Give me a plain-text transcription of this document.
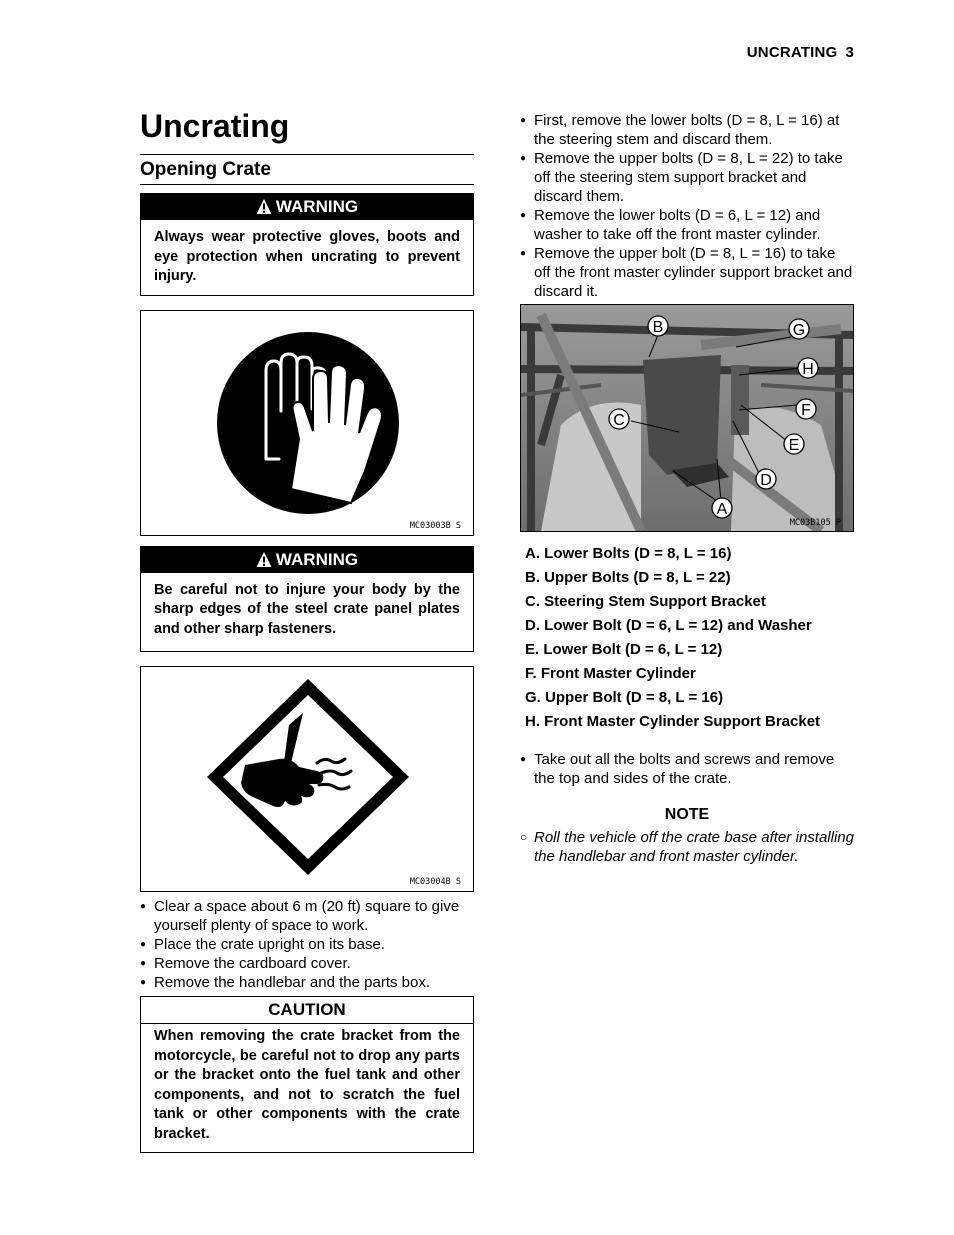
UNCRATING 3
Uncrating
Opening Crate
WARNING
Always wear protective gloves, boots and eye protection when uncrating to prevent injury.
MC03003B S
WARNING
Be careful not to injure your body by the sharp edges of the steel crate panel plates and other sharp fasteners.
MC03004B S
● Clear a space about 6 m (20 ft) square to give yourself plenty of space to work.
● Place the crate upright on its base.
● Remove the cardboard cover.
● Remove the handlebar and the parts box.
CAUTION
When removing the crate bracket from the motorcycle, be careful not to drop any parts or the bracket onto the fuel tank and other components, and not to scratch the fuel tank or other components with the crate bracket.
● First, remove the lower bolts (D = 8, L = 16) at the steering stem and discard them.
● Remove the upper bolts (D = 8, L = 22) to take off the steering stem support bracket and discard them.
● Remove the lower bolts (D = 6, L = 12) and washer to take off the front master cylinder.
● Remove the upper bolt (D = 8, L = 16) to take off the front master cylinder support bracket and discard it.
B	G
H
F
E
D
C
A
MC03B105 P
A. Lower Bolts (D = 8, L = 16)
B. Upper Bolts (D = 8, L = 22)
C. Steering Stem Support Bracket
D. Lower Bolt (D = 6, L = 12) and Washer
E. Lower Bolt (D = 6, L = 12)
F. Front Master Cylinder
G. Upper Bolt (D = 8, L = 16)
H. Front Master Cylinder Support Bracket
● Take out all the bolts and screws and remove the top and sides of the crate.
NOTE
○ Roll the vehicle off the crate base after installing the handlebar and front master cylinder.
